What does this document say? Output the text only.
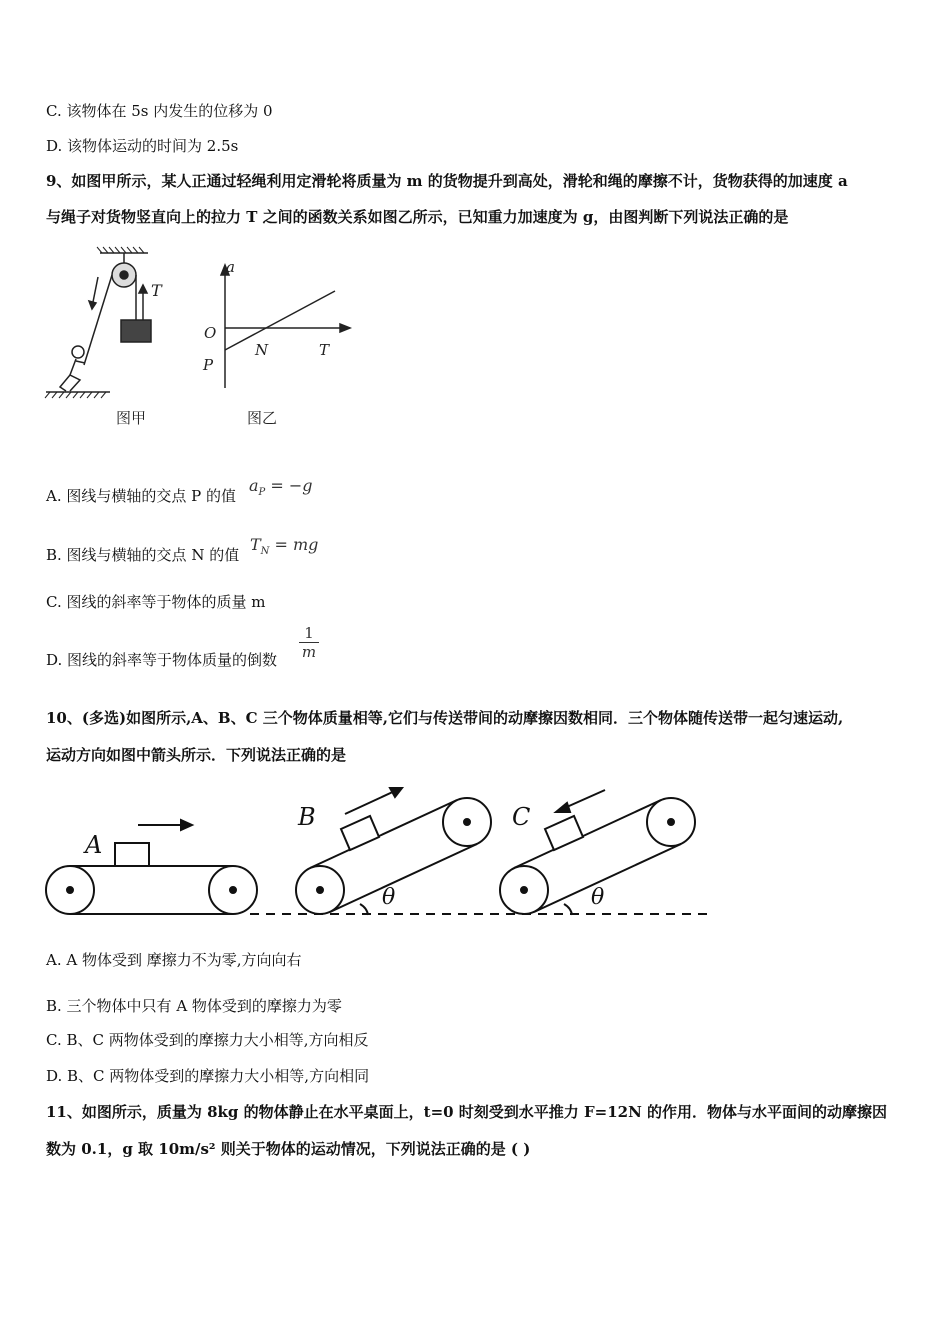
C. 该物体在 5s 内发生的位移为 0
D. 该物体运动的时间为 2.5s
9、如图甲所示，某人正通过轻绳利用定滑轮将质量为 m 的货物提升到高处，滑轮和绳的摩擦不计，货物获得的加速度 a
与绳子对货物竖直向上的拉力 T 之间的函数关系如图乙所示，已知重力加速度为 g，由图判断下列说法正确的是
T
图甲
a
O
N	T
P
图乙
A. 图线与横轴的交点 P 的值
$a_P = -g$
B. 图线与横轴的交点 N 的值
$T_N$ = mg
C. 图线的斜率等于物体的质量 m
D. 图线的斜率等于物体质量的倒数 $\frac{1}{m}$
10、(多选)如图所示,A、B、C 三个物体质量相等,它们与传送带间的动摩擦因数相同．三个物体随传送带一起匀速运动,
运动方向如图中箭头所示．下列说法正确的是
A
B	C
θ	θ
A. A 物体受到 摩擦力不为零,方向向右
B. 三个物体中只有 A 物体受到的摩擦力为零
C. B、C 两物体受到的摩擦力大小相等,方向相反
D. B、C 两物体受到的摩擦力大小相等,方向相同
11、如图所示，质量为 8kg 的物体静止在水平桌面上，t=0 时刻受到水平推力 F=12N 的作用．物体与水平面间的动摩擦因
数为 0.1，g 取 10m/s² 则关于物体的运动情况，下列说法正确的是 ( )
